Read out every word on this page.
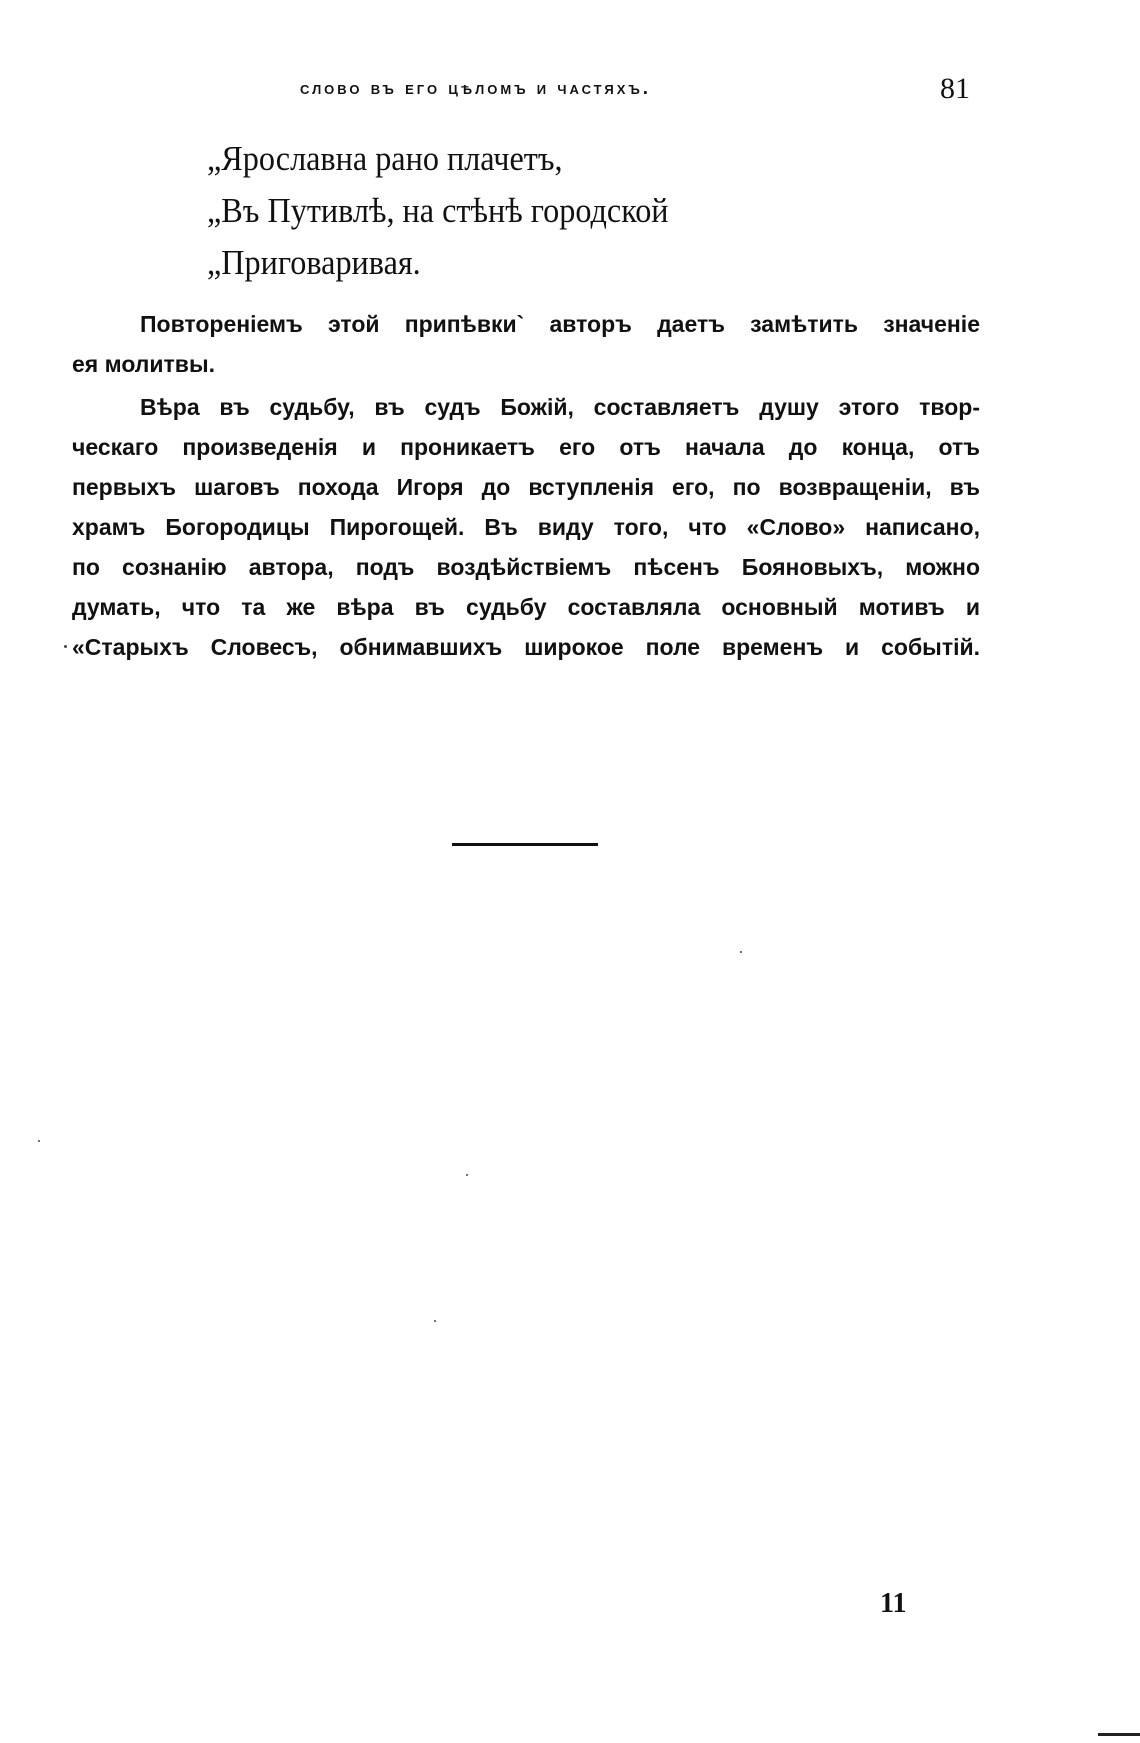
слово въ его цѣломъ и частяхъ.	81
„Ярославна рано плачетъ,
„Въ Путивлѣ, на стѣнѣ городской
„Приговаривая.
Повтореніемъ этой припѣвки` авторъ даетъ замѣтить значеніе
ея молитвы.
Вѣра въ судьбу, въ судъ Божій, составляетъ душу этого твор-
ческаго произведенія и проникаетъ его отъ начала до конца, отъ
первыхъ шаговъ похода Игоря до вступленія его, по возвращеніи, въ
храмъ Богородицы Пирогощей. Въ виду того, что «Слово» написано,
по сознанію автора, подъ воздѣйствіемъ пѣсенъ Бояновыхъ, можно
думать, что та же вѣра въ судьбу составляла основный мотивъ и
«Старыхъ Словесъ, обнимавшихъ широкое поле временъ и событій.
11
